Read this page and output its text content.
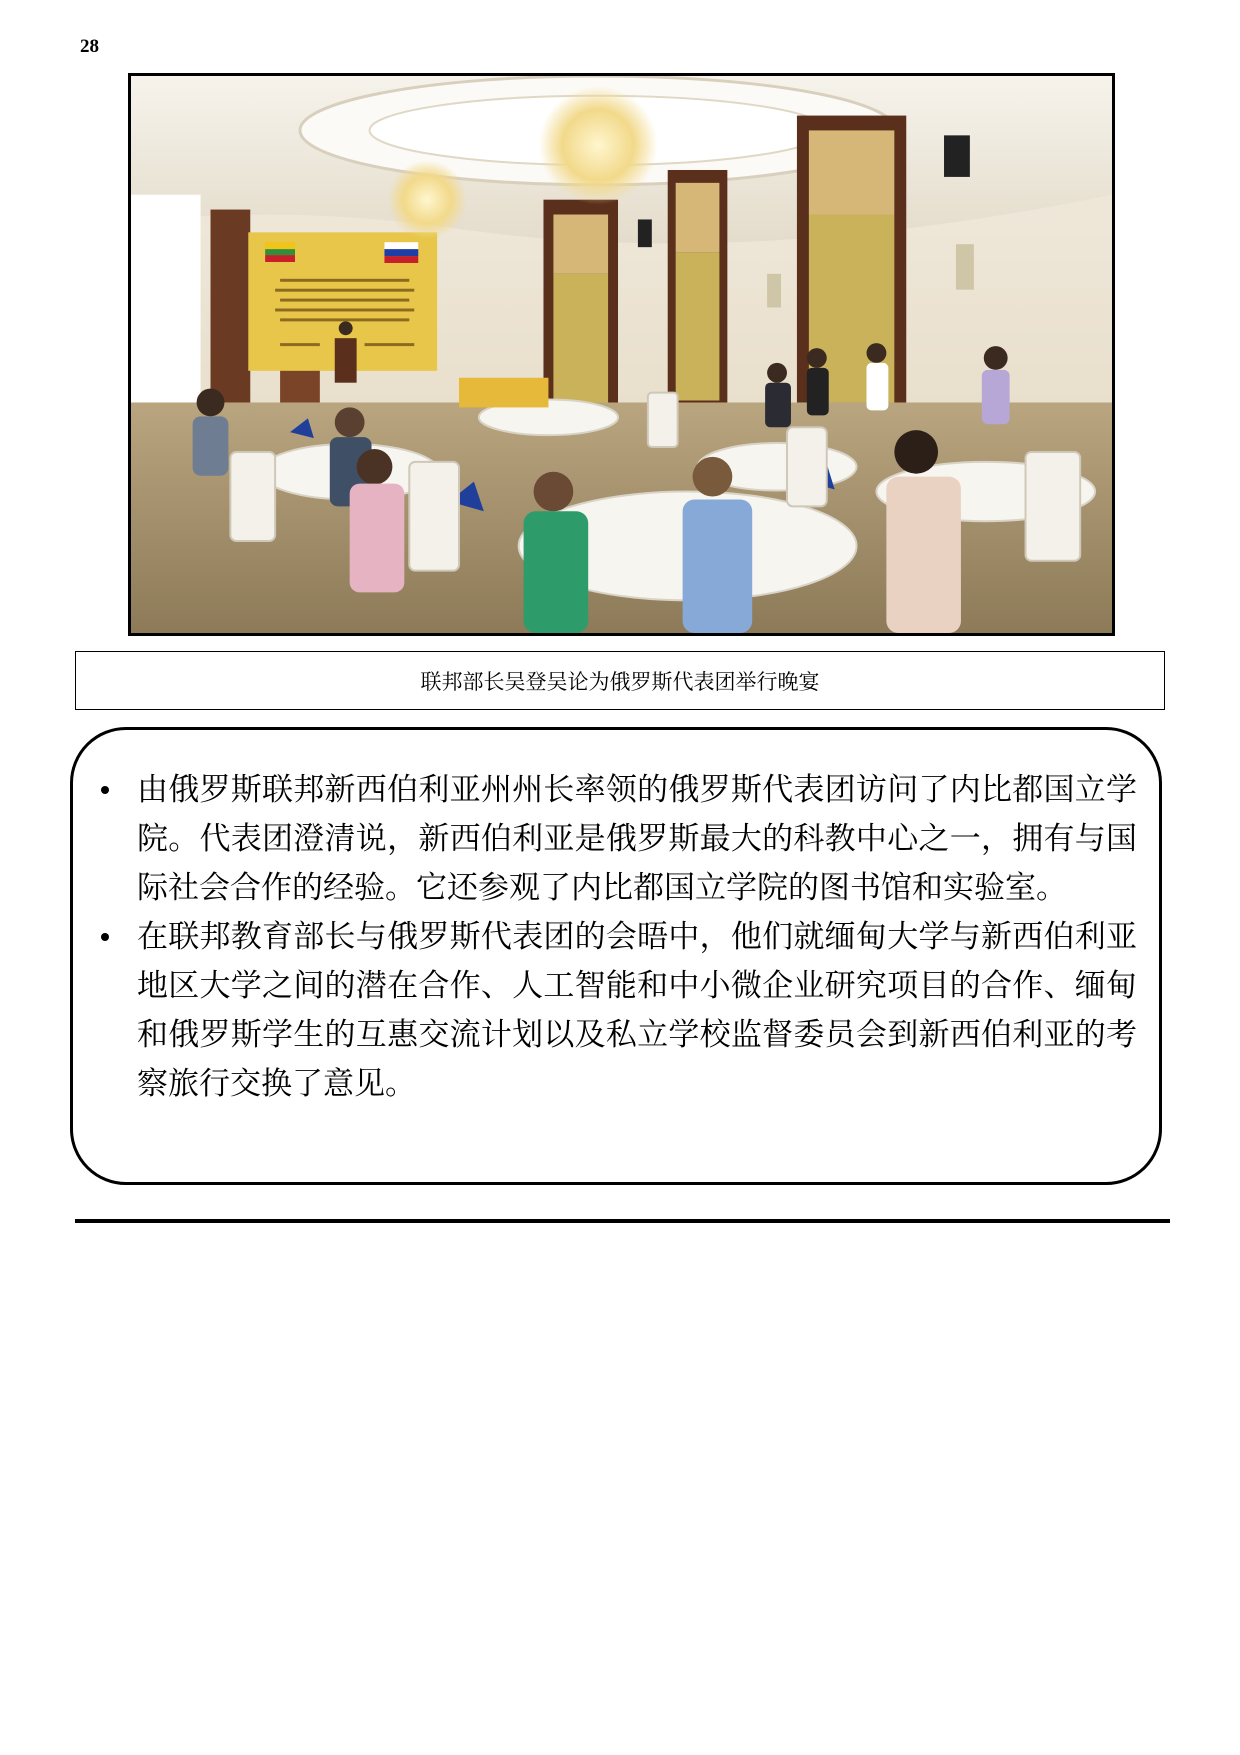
28
联邦部长吴登吴论为俄罗斯代表团举行晚宴
由俄罗斯联邦新西伯利亚州州长率领的俄罗斯代表团访问了内比都国立学院。代表团澄清说，新西伯利亚是俄罗斯最大的科教中心之一，拥有与国际社会合作的经验。它还参观了内比都国立学院的图书馆和实验室。
在联邦教育部长与俄罗斯代表团的会晤中，他们就缅甸大学与新西伯利亚地区大学之间的潜在合作、人工智能和中小微企业研究项目的合作、缅甸和俄罗斯学生的互惠交流计划以及私立学校监督委员会到新西伯利亚的考察旅行交换了意见。
